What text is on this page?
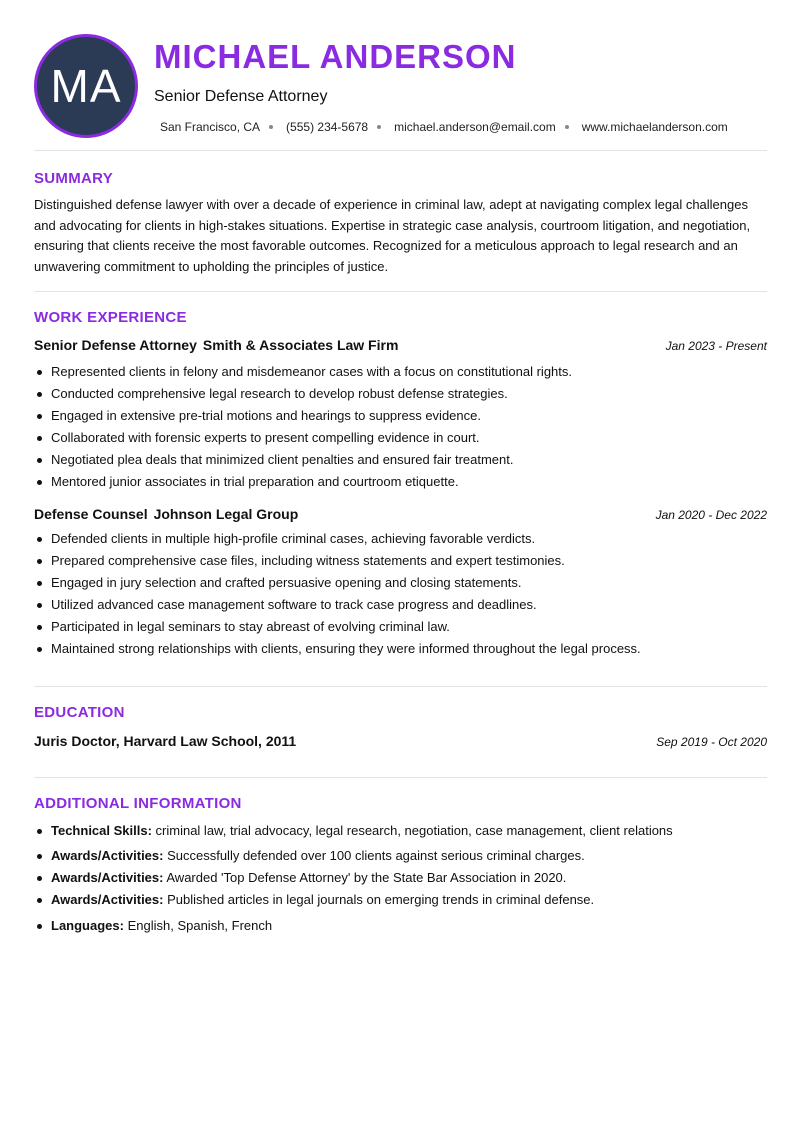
MA
MICHAEL ANDERSON
Senior Defense Attorney
San Francisco, CA (555) 234-5678 michael.anderson@email.com www.michaelanderson.com
SUMMARY

Distinguished defense lawyer with over a decade of experience in criminal law, adept at navigating complex legal challenges and advocating for clients in high-stakes situations. Expertise in strategic case analysis, courtroom litigation, and negotiation, ensuring that clients receive the most favorable outcomes. Recognized for a meticulous approach to legal research and an unwavering commitment to upholding the principles of justice.

WORK EXPERIENCE
Senior Defense Attorney Smith & Associates Law Firm	Jan 2023 - Present
Represented clients in felony and misdemeanor cases with a focus on constitutional rights.
Conducted comprehensive legal research to develop robust defense strategies.
Engaged in extensive pre-trial motions and hearings to suppress evidence.
Collaborated with forensic experts to present compelling evidence in court.
Negotiated plea deals that minimized client penalties and ensured fair treatment.
Mentored junior associates in trial preparation and courtroom etiquette.
Defense Counsel Johnson Legal Group	Jan 2020 - Dec 2022
Defended clients in multiple high-profile criminal cases, achieving favorable verdicts.
Prepared comprehensive case files, including witness statements and expert testimonies.
Engaged in jury selection and crafted persuasive opening and closing statements.
Utilized advanced case management software to track case progress and deadlines.
Participated in legal seminars to stay abreast of evolving criminal law.
Maintained strong relationships with clients, ensuring they were informed throughout the legal process.
EDUCATION
Juris Doctor, Harvard Law School, 2011	Sep 2019 - Oct 2020
ADDITIONAL INFORMATION
Technical Skills: criminal law, trial advocacy, legal research, negotiation, case management, client relations
Awards/Activities: Successfully defended over 100 clients against serious criminal charges.
Awards/Activities: Awarded 'Top Defense Attorney' by the State Bar Association in 2020.
Awards/Activities: Published articles in legal journals on emerging trends in criminal defense.
Languages: English, Spanish, French
